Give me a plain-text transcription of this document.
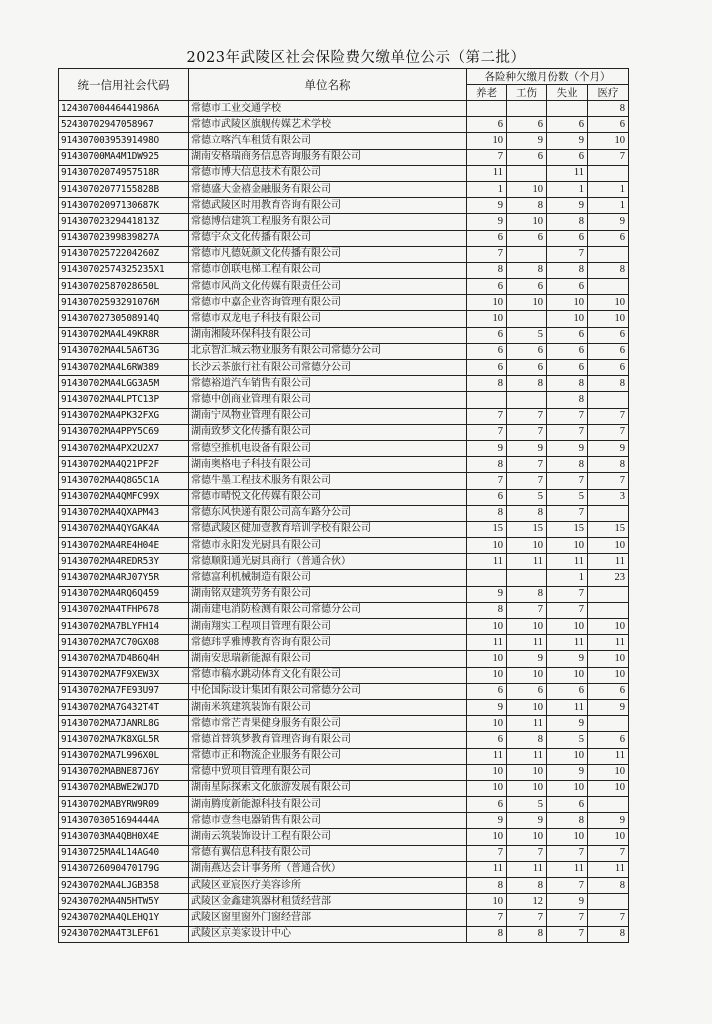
2023年武陵区社会保险费欠缴单位公示（第二批）
统一信用社会代码	单位名称	各险种欠缴月份数（个月）			
		养老	工伤	失业	医疗
12430700446441986A	常德市工业交通学校				8
52430702947058967	常德市武陵区旗舰传媒艺术学校	6	6	6	6
91430700395391498O	常德立喀汽车租赁有限公司	10	9	9	10
91430700MA4M1DW925	湖南安格瑞商务信息咨询服务有限公司	7	6	6	7
91430702074957518R	常德市博大信息技术有限公司	11		11	
91430702077155828B	常德盛大金禧金融服务有限公司	1	10	1	1
91430702097130687K	常德武陵区时用教育咨询有限公司	9	8	9	1
91430702329441813Z	常德博信建筑工程服务有限公司	9	10	8	9
91430702399839827A	常德宇众文化传播有限公司	6	6	6	6
91430702572204260Z	常德市凡德妩颜文化传播有限公司	7		7	
91430702574325235X1	常德市创联电梯工程有限公司	8	8	8	8
91430702587028650L	常德市风尚文化传媒有限责任公司	6	6	6	
91430702593291076M	常德市中嘉企业咨询管理有限公司	10	10	10	10
91430702730508914Q	常德市双龙电子科技有限公司	10		10	10
91430702MA4L49KR8R	湖南湘陵环保科技有限公司	6	5	6	6
91430702MA4L5A6T3G	北京智汇城云物业服务有限公司常德分公司	6	6	6	6
91430702MA4L6RW389	长沙云茶旅行社有限公司常德分公司	6	6	6	6
91430702MA4LGG3A5M	常德裕道汽车销售有限公司	8	8	8	8
91430702MA4LPTC13P	常德中创商业管理有限公司			8	
91430702MA4PK32FXG	湖南宁凤物业管理有限公司	7	7	7	7
91430702MA4PPY5C69	湖南致梦文化传播有限公司	7	7	7	7
91430702MA4PX2U2X7	常德空推机电设备有限公司	9	9	9	9
91430702MA4Q21PF2F	湖南奥格电子科技有限公司	8	7	8	8
91430702MA4Q8G5C1A	常德牛墨工程技术服务有限公司	7	7	7	7
91430702MA4QMFC99X	常德市晴悦文化传媒有限公司	6	5	5	3
91430702MA4QXAPM43	常德东风快递有限公司高车路分公司	8	8	7	
91430702MA4QYGAK4A	常德武陵区健加壹教育培训学校有限公司	15	15	15	15
91430702MA4RE4H04E	常德市永阳发光厨具有限公司	10	10	10	10
91430702MA4REDR53Y	常德顺阳通光厨具商行（普通合伙）	11	11	11	11
91430702MA4RJ07Y5R	常德富利机械制造有限公司			1	23
91430702MA4RQ6Q459	湖南铭双建筑劳务有限公司	9	8	7	
91430702MA4TFHP678	湖南建电消防检测有限公司常德分公司	8	7	7	
91430702MA7BLYFH14	湖南翔实工程项目管理有限公司	10	10	10	10
91430702MA7C70GX08	常德玮孚雅博教育咨询有限公司	11	11	11	11
91430702MA7D4B6Q4H	湖南安思瑞新能源有限公司	10	9	9	10
91430702MA7F9XEW3X	常德市稿水跳动体育文化有限公司	10	10	10	10
91430702MA7FE93U97	中伦国际设计集团有限公司常德分公司	6	6	6	6
91430702MA7G432T4T	湖南米筑建筑装饰有限公司	9	10	11	9
91430702MA7JANRL8G	常德市常芒青果健身服务有限公司	10	11	9	
91430702MA7K8XGL5R	常德首替筑梦教育管理咨询有限公司	6	8	5	6
91430702MA7L996X0L	常德市正和物流企业服务有限公司	11	11	10	11
91430702MABNE87J6Y	常德中贸项目管理有限公司	10	10	9	10
91430702MABWE2WJ7D	湖南星际探索文化旅游发展有限公司	10	10	10	10
91430702MABYRW9R09	湖南腾度新能源科技有限公司	6	5	6	
91430703051694444A	常德市壹叁电器销售有限公司	9	9	8	9
91430703MA4QBH0X4E	湖南云筑装饰设计工程有限公司	10	10	10	10
91430725MA4L14AG40	常德有翼信息科技有限公司	7	7	7	7
91430726090470179G	湖南燕达会计事务所（普通合伙）	11	11	11	11
92430702MA4LJGB358	武陵区亚宸医疗美容诊所	8	8	7	8
92430702MA4N5HTW5Y	武陵区金鑫建筑器材租赁经营部	10	12	9	
92430702MA4QLEHQ1Y	武陵区窗里窗外门窗经营部	7	7	7	7
92430702MA4T3LEF61	武陵区京美家设计中心	8	8	7	8
